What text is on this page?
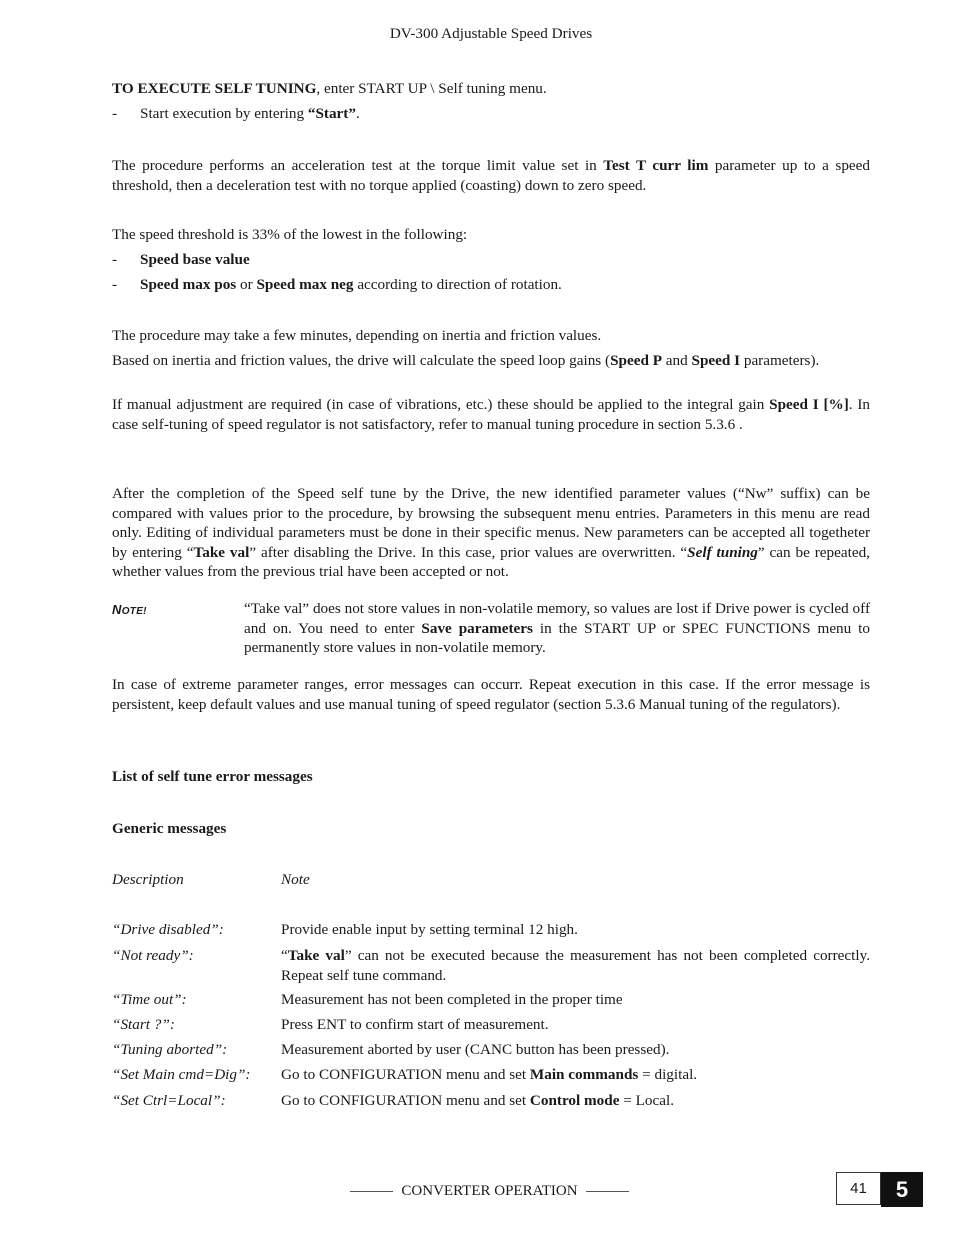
DV-300 Adjustable Speed Drives
TO EXECUTE SELF TUNING, enter START UP \ Self tuning menu.
- Start execution by entering “Start”.
The procedure performs an acceleration test at the torque limit value set in Test T curr lim parameter up to a speed threshold, then a deceleration test with no torque applied (coasting) down to zero speed.
The speed threshold is 33% of the lowest in the following:
- Speed base value
- Speed max pos or Speed max neg according to direction of rotation.
The procedure may take a few minutes, depending on inertia and friction values.
Based on inertia and friction values, the drive will calculate the speed loop gains (Speed P and Speed I parameters).
If manual adjustment are required (in case of vibrations, etc.) these should be applied to the integral gain Speed I [%]. In case self-tuning of speed regulator is not satisfactory, refer to manual tuning procedure in section 5.3.6 .
After the completion of the Speed self tune by the Drive, the new identified parameter values (“Nw” suffix) can be compared with values prior to the procedure, by browsing the subsequent menu entries. Parameters in this menu are read only. Editing of individual parameters must be done in their specific menus. New parameters can be accepted all togetheter by entering “Take val” after disabling the Drive. In this case, prior values are overwritten. “Self tuning” can be repeated, whether values from the previous trial have been accepted or not.
NOTE!	“Take val” does not store values in non-volatile memory, so values are lost if Drive power is cycled off and on. You need to enter Save parameters in the START UP or SPEC FUNCTIONS menu to permanently store values in non-volatile memory.
In case of extreme parameter ranges, error messages can occurr. Repeat execution in this case. If the error message is persistent, keep default values and use manual tuning of speed regulator (section 5.3.6 Manual tuning of the regulators).
List of self tune error messages
Generic messages
Description	Note
“Drive disabled”:	Provide enable input by setting terminal 12 high.
“Not ready”:	“Take val” can not be executed because the measurement has not been completed correctly. Repeat self tune command.
“Time out”:	Measurement has not been completed in the proper time
“Start ?”:	Press ENT to confirm start of measurement.
“Tuning aborted”:	Measurement aborted by user (CANC button has been pressed).
“Set Main cmd=Dig”:	Go to CONFIGURATION menu and set Main commands = digital.
“Set Ctrl=Local”:	Go to CONFIGURATION menu and set Control mode = Local.
CONVERTER OPERATION	41	5
